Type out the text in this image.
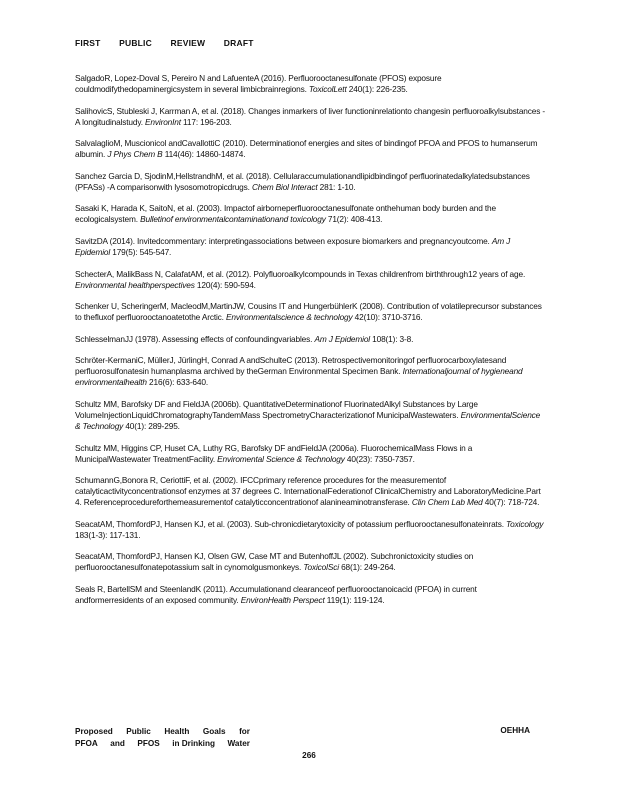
FIRST PUBLIC REVIEW DRAFT

SalgadoR, Lopez-Doval S, Pereiro N and LafuenteA (2016). Perfluorooctanesulfonate (PFOS) exposure couldmodifythedopaminergicsystem in several limbicbrainregions. ToxicolLett 240(1): 226-235.

SalihovicS, Stubleski J, Karrman A, et al. (2018). Changes inmarkers of liver functioninrelationto changesin perfluoroalkylsubstances -A longitudinalstudy. EnvironInt 117: 196-203.

SalvalaglioM, Muscionicol andCavallottiC (2010). Determinationof energies and sites of bindingof PFOA and PFOS to humanserum albumin. J Phys Chem B 114(46): 14860-14874.

Sanchez Garcia D, SjodinM,HellstrandhM, et al. (2018). Cellularaccumulationandlipidbindingof perfluorinatedalkylatedsubstances (PFASs) -A comparisonwith lysosomotropicdrugs. Chem Biol Interact 281: 1-10.

Sasaki K, Harada K, SaitoN, et al. (2003). Impactof airborneperfluorooctanesulfonate onthehuman body burden and the ecologicalsystem. Bulletinof environmentalcontaminationand toxicology 71(2): 408-413.

SavitzDA (2014). Invitedcommentary: interpretingassociations between exposure biomarkers and pregnancyoutcome. Am J Epidemiol 179(5): 545-547.

SchecterA, MalikBass N, CalafatAM, et al. (2012). Polyfluoroalkylcompounds in Texas childrenfrom birththrough12 years of age. Environmental healthperspectives 120(4): 590-594.

Schenker U, ScheringerM, MacleodM,MartinJW, Cousins IT and HungerbühlerK (2008). Contribution of volatileprecursor substances to thefluxof perfluorooctanoatetothe Arctic. Environmentalscience & technology 42(10): 3710-3716.

SchlesselmanJJ (1978). Assessing effects of confoundingvariables. Am J Epidemiol 108(1): 3-8.

Schröter-KermaniC, MüllerJ, JürlingH, Conrad A andSchulteC (2013). Retrospectivemonitoringof perfluorocarboxylatesand perfluorosulfonatesin humanplasma archived by theGerman Environmental Specimen Bank. Internationaljournal of hygieneand environmentalhealth 216(6): 633-640.

Schultz MM, Barofsky DF and FieldJA (2006b). QuantitativeDeterminationof FluorinatedAlkyl Substances by Large VolumeInjectionLiquidChromatographyTandemMass SpectrometryCharacterizationof MunicipalWastewaters. EnvironmentalScience & Technology 40(1): 289-295.

Schultz MM, Higgins CP, Huset CA, Luthy RG, Barofsky DF andFieldJA (2006a). FluorochemicalMass Flows in a MunicipalWastewater TreatmentFacility. Enviromental Science & Technology 40(23): 7350-7357.

SchumannG,Bonora R, CeriottiF, et al. (2002). IFCCprimary reference procedures for the measurementof catalyticactivityconcentrationsof enzymes at 37 degrees C. InternationalFederationof ClinicalChemistry and LaboratoryMedicine.Part 4. Referenceprocedureforthemeasurementof catalyticconcentrationof alanineaminotransferase. Clin Chem Lab Med 40(7): 718-724.

SeacatAM, ThomfordPJ, Hansen KJ, et al. (2003). Sub-chronicdietarytoxicity of potassium perfluorooctanesulfonateinrats. Toxicology 183(1-3): 117-131.

SeacatAM, ThomfordPJ, Hansen KJ, Olsen GW, Case MT and ButenhoffJL (2002). Subchronictoxicity studies on perfluorooctanesulfonatepotassium salt in cynomolgusmonkeys. ToxicolSci 68(1): 249-264.

Seals R, BartellSM and SteenlandK (2011). Accumulationand clearanceof perfluorooctanoicacid (PFOA) in current andformerresidents of an exposed community. EnvironHealth Perspect 119(1): 119-124.

Proposed Public Health Goals for
PFOA and PFOS in Drinking Water
OEHHA
266
